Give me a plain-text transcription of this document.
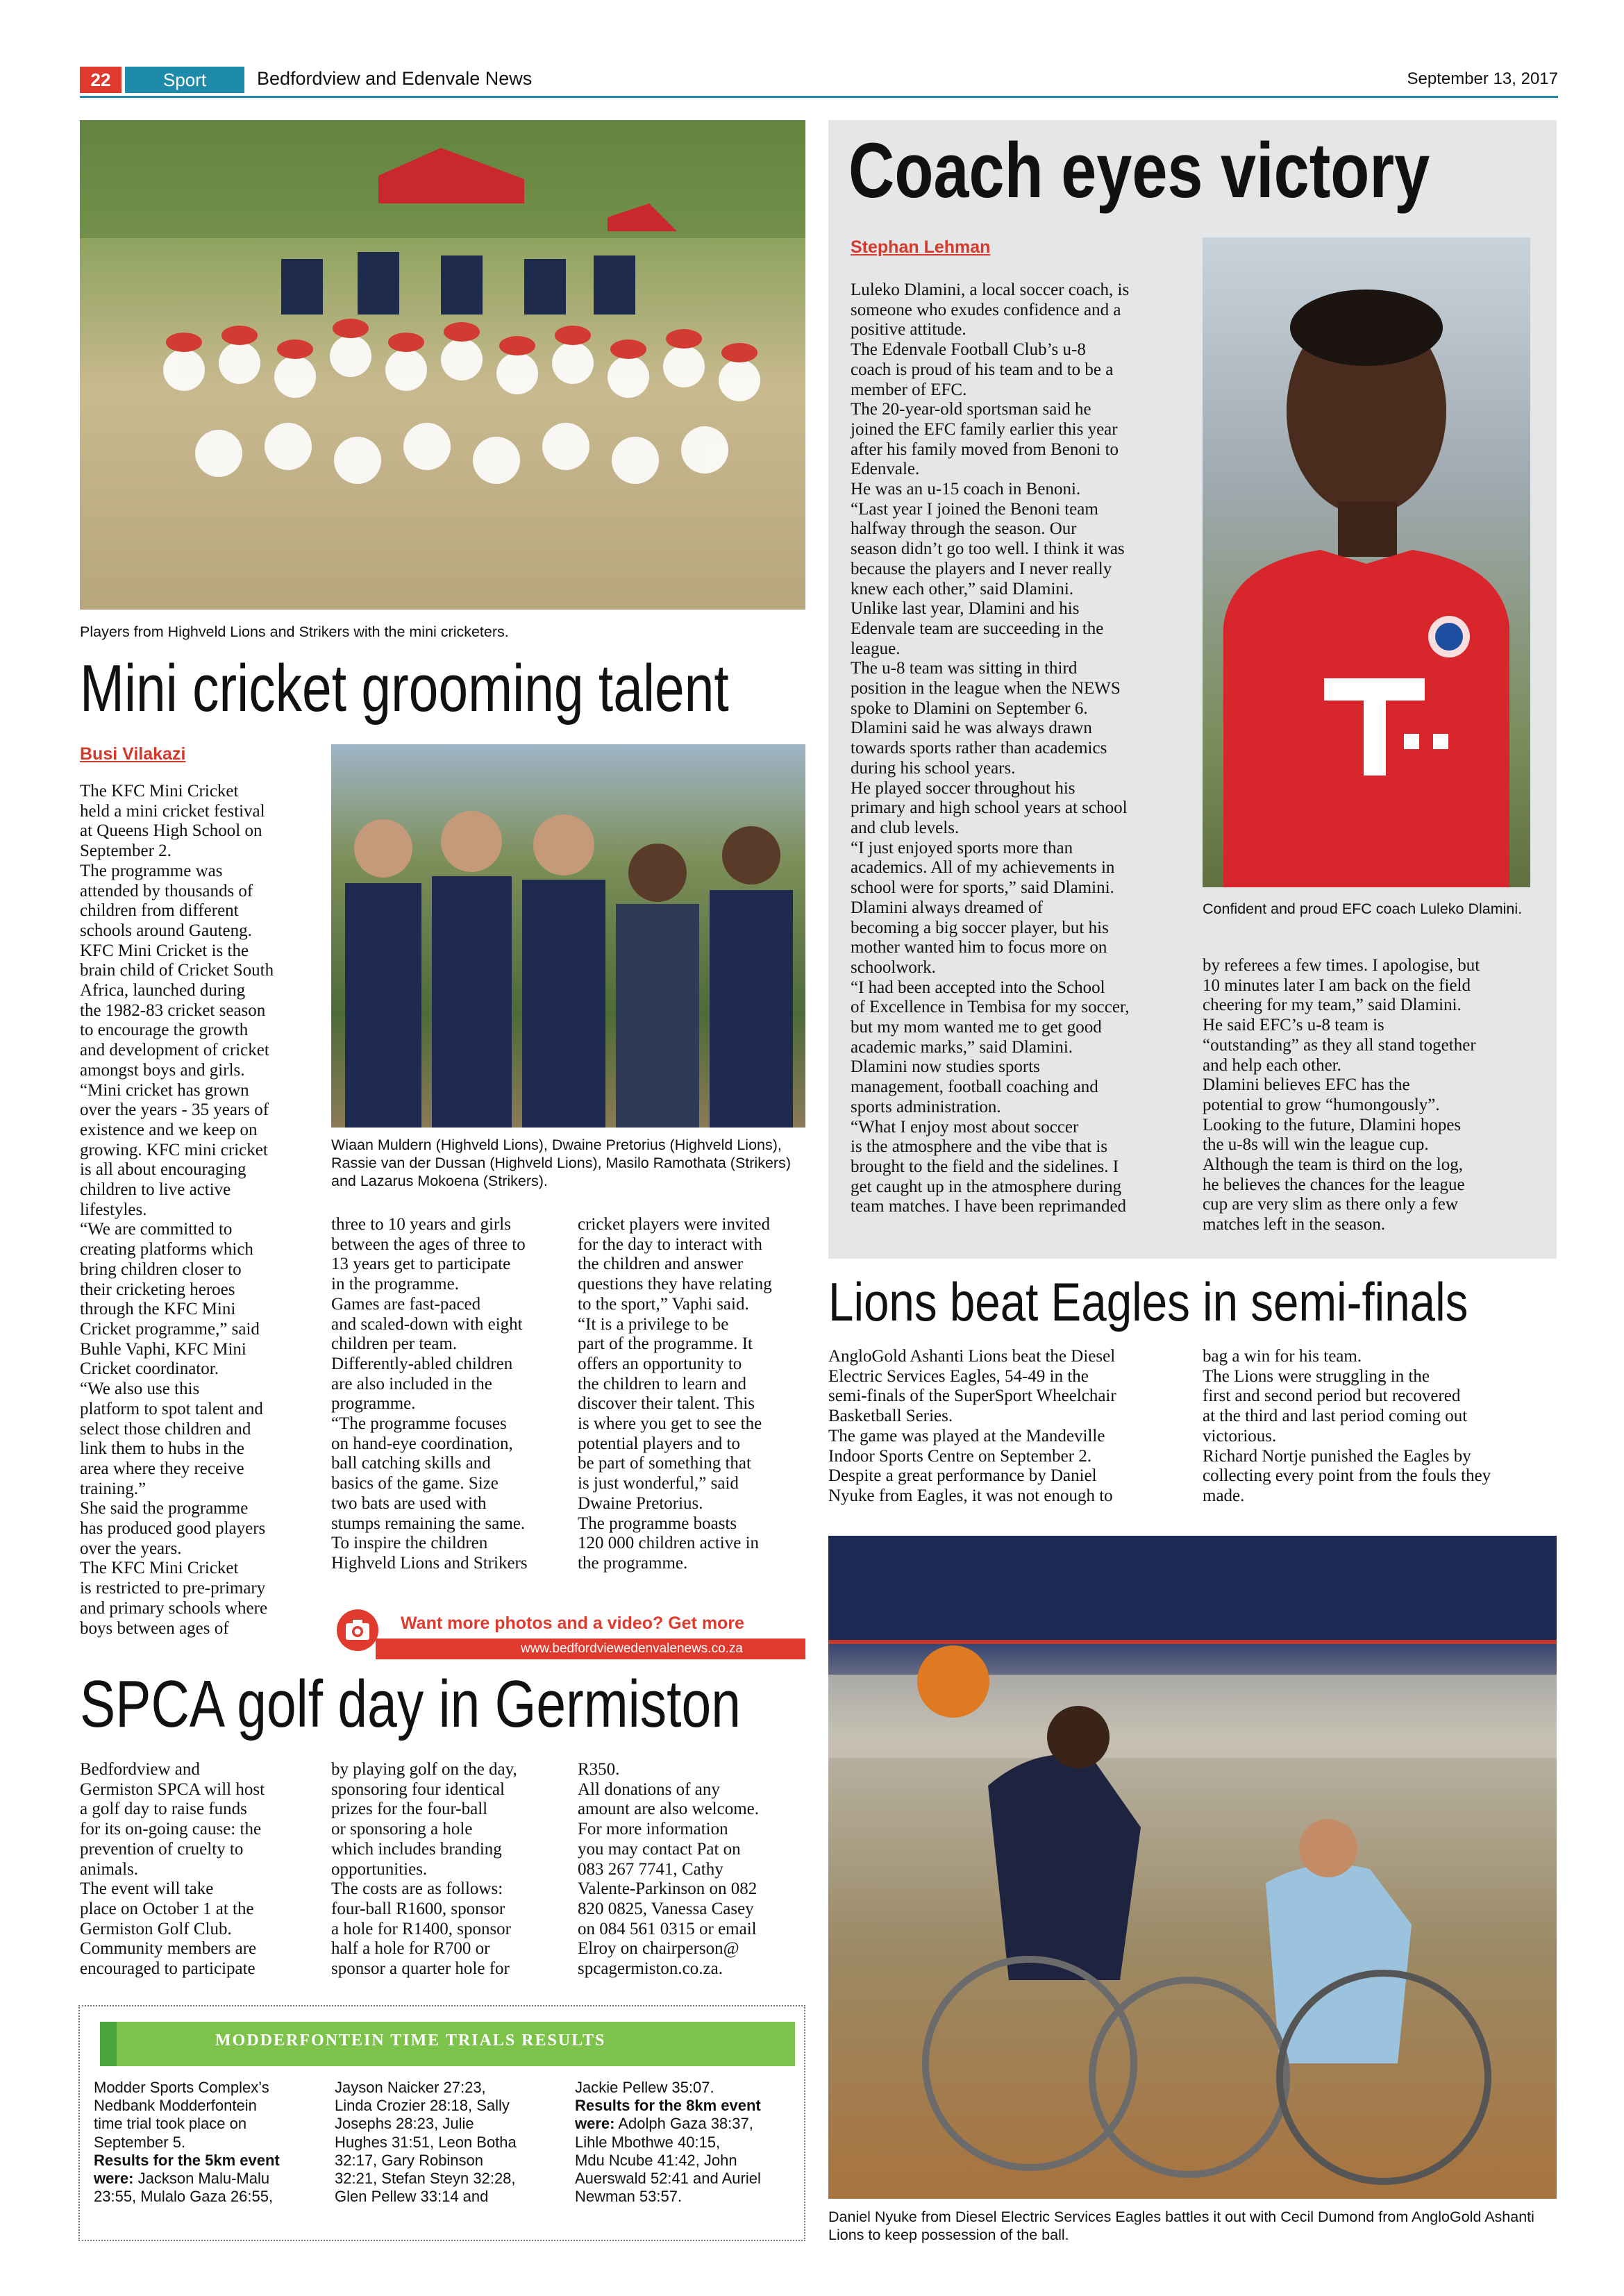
22	Sport	Bedfordview and Edenvale News	September 13, 2017
Players from Highveld Lions and Strikers with the mini cricketers.
Mini cricket grooming talent
Busi Vilakazi
The KFC Mini Cricket
held a mini cricket festival
at Queens High School on
September 2.
The programme was
attended by thousands of
children from different
schools around Gauteng.
KFC Mini Cricket is the
brain child of Cricket South
Africa, launched during
the 1982-83 cricket season
to encourage the growth
and development of cricket
amongst boys and girls.
“Mini cricket has grown
over the years - 35 years of
existence and we keep on
growing. KFC mini cricket
is all about encouraging
children to live active
lifestyles.
“We are committed to
creating platforms which
bring children closer to
their cricketing heroes
through the KFC Mini
Cricket programme,” said
Buhle Vaphi, KFC Mini
Cricket coordinator.
“We also use this
platform to spot talent and
select those children and
link them to hubs in the
area where they receive
training.”
She said the programme
has produced good players
over the years.
The KFC Mini Cricket
is restricted to pre-primary
and primary schools where
boys between ages of
Wiaan Muldern (Highveld Lions), Dwaine Pretorius (Highveld Lions), Rassie van der Dussan (Highveld Lions), Masilo Ramothata (Strikers) and Lazarus Mokoena (Strikers).
three to 10 years and girls
between the ages of three to
13 years get to participate
in the programme.
Games are fast-paced
and scaled-down with eight
children per team.
Differently-abled children
are also included in the
programme.
“The programme focuses
on hand-eye coordination,
ball catching skills and
basics of the game. Size
two bats are used with
stumps remaining the same.
To inspire the children
Highveld Lions and Strikers
cricket players were invited
for the day to interact with
the children and answer
questions they have relating
to the sport,” Vaphi said.
“It is a privilege to be
part of the programme. It
offers an opportunity to
the children to learn and
discover their talent. This
is where you get to see the
potential players and to
be part of something that
is just wonderful,” said
Dwaine Pretorius.
The programme boasts
120 000 children active in
the programme.
Want more photos and a video? Get more
www.bedfordviewedenvalenews.co.za
SPCA golf day in Germiston
Bedfordview and
Germiston SPCA will host
a golf day to raise funds
for its on-going cause: the
prevention of cruelty to
animals.
The event will take
place on October 1 at the
Germiston Golf Club.
Community members are
encouraged to participate
by playing golf on the day,
sponsoring four identical
prizes for the four-ball
or sponsoring a hole
which includes branding
opportunities.
The costs are as follows:
four-ball R1600, sponsor
a hole for R1400, sponsor
half a hole for R700 or
sponsor a quarter hole for
R350.
All donations of any
amount are also welcome.
For more information
you may contact Pat on
083 267 7741, Cathy
Valente-Parkinson on 082
820 0825, Vanessa Casey
on 084 561 0315 or email
Elroy on chairperson@
spcagermiston.co.za.
MODDERFONTEIN TIME TRIALS RESULTS
Modder Sports Complex’s
Nedbank Modderfontein
time trial took place on
September 5.
Results for the 5km event
were: Jackson Malu-Malu
23:55, Mulalo Gaza 26:55,
Jayson Naicker 27:23,
Linda Crozier 28:18, Sally
Josephs 28:23, Julie
Hughes 31:51, Leon Botha
32:17, Gary Robinson
32:21, Stefan Steyn 32:28,
Glen Pellew 33:14 and
Jackie Pellew 35:07.
Results for the 8km event
were: Adolph Gaza 38:37,
Lihle Mbothwe 40:15,
Mdu Ncube 41:42, John
Auerswald 52:41 and Auriel
Newman 53:57.
Coach eyes victory
Stephan Lehman
Luleko Dlamini, a local soccer coach, is
someone who exudes confidence and a
positive attitude.
The Edenvale Football Club’s u-8
coach is proud of his team and to be a
member of EFC.
The 20-year-old sportsman said he
joined the EFC family earlier this year
after his family moved from Benoni to
Edenvale.
He was an u-15 coach in Benoni.
“Last year I joined the Benoni team
halfway through the season. Our
season didn’t go too well. I think it was
because the players and I never really
knew each other,” said Dlamini.
Unlike last year, Dlamini and his
Edenvale team are succeeding in the
league.
The u-8 team was sitting in third
position in the league when the NEWS
spoke to Dlamini on September 6.
Dlamini said he was always drawn
towards sports rather than academics
during his school years.
He played soccer throughout his
primary and high school years at school
and club levels.
“I just enjoyed sports more than
academics. All of my achievements in
school were for sports,” said Dlamini.
Dlamini always dreamed of
becoming a big soccer player, but his
mother wanted him to focus more on
schoolwork.
“I had been accepted into the School
of Excellence in Tembisa for my soccer,
but my mom wanted me to get good
academic marks,” said Dlamini.
Dlamini now studies sports
management, football coaching and
sports administration.
“What I enjoy most about soccer
is the atmosphere and the vibe that is
brought to the field and the sidelines. I
get caught up in the atmosphere during
team matches. I have been reprimanded
Confident and proud EFC coach Luleko Dlamini.
by referees a few times. I apologise, but
10 minutes later I am back on the field
cheering for my team,” said Dlamini.
He said EFC’s u-8 team is
“outstanding” as they all stand together
and help each other.
Dlamini believes EFC has the
potential to grow “humongously”.
Looking to the future, Dlamini hopes
the u-8s will win the league cup.
Although the team is third on the log,
he believes the chances for the league
cup are very slim as there only a few
matches left in the season.
Lions beat Eagles in semi-finals
AngloGold Ashanti Lions beat the Diesel
Electric Services Eagles, 54-49 in the
semi-finals of the SuperSport Wheelchair
Basketball Series.
The game was played at the Mandeville
Indoor Sports Centre on September 2.
Despite a great performance by Daniel
Nyuke from Eagles, it was not enough to
bag a win for his team.
The Lions were struggling in the
first and second period but recovered
at the third and last period coming out
victorious.
Richard Nortje punished the Eagles by
collecting every point from the fouls they
made.
Daniel Nyuke from Diesel Electric Services Eagles battles it out with Cecil Dumond from AngloGold Ashanti Lions to keep possession of the ball.
